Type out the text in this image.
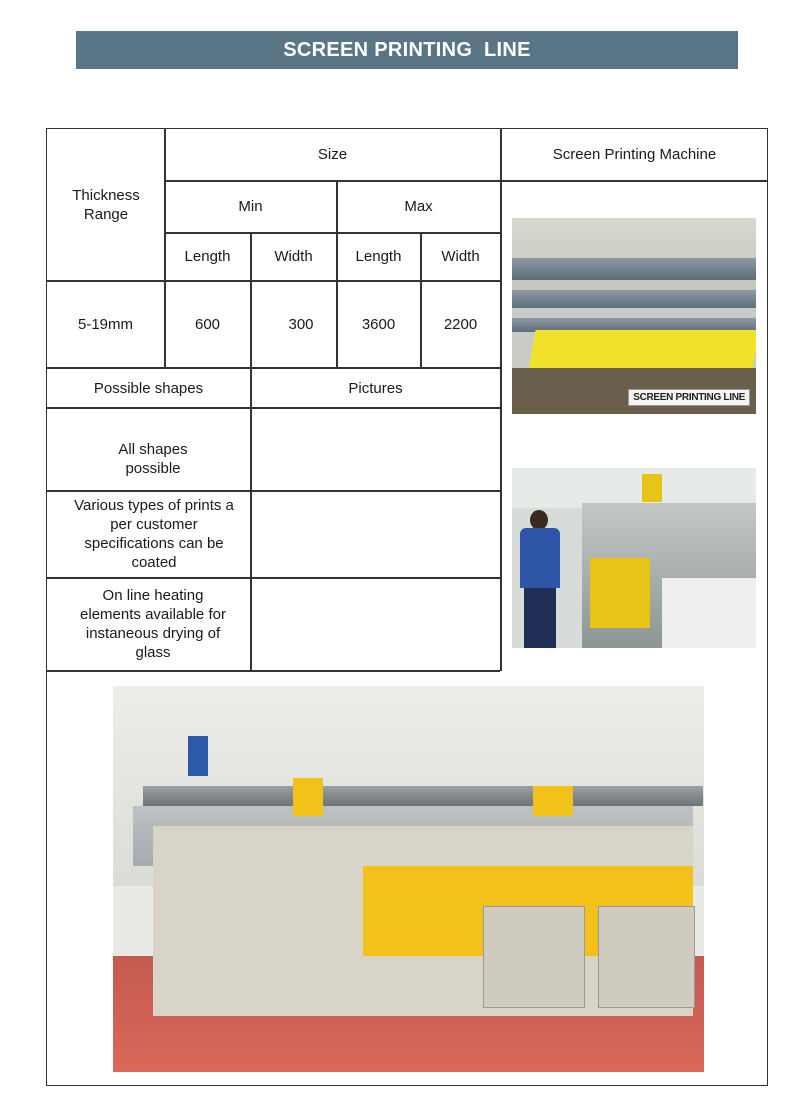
SCREEN PRINTING  LINE
Thickness Range
Size
Min	Max
Length	Width	Length	Width
5-19mm	600	300	3600	2200
Possible shapes	Pictures
All shapes possible
Various types of prints a per customer specifications can be coated
On line heating elements available for instaneous drying of glass
Screen Printing Machine
SCREEN PRINTING LINE
